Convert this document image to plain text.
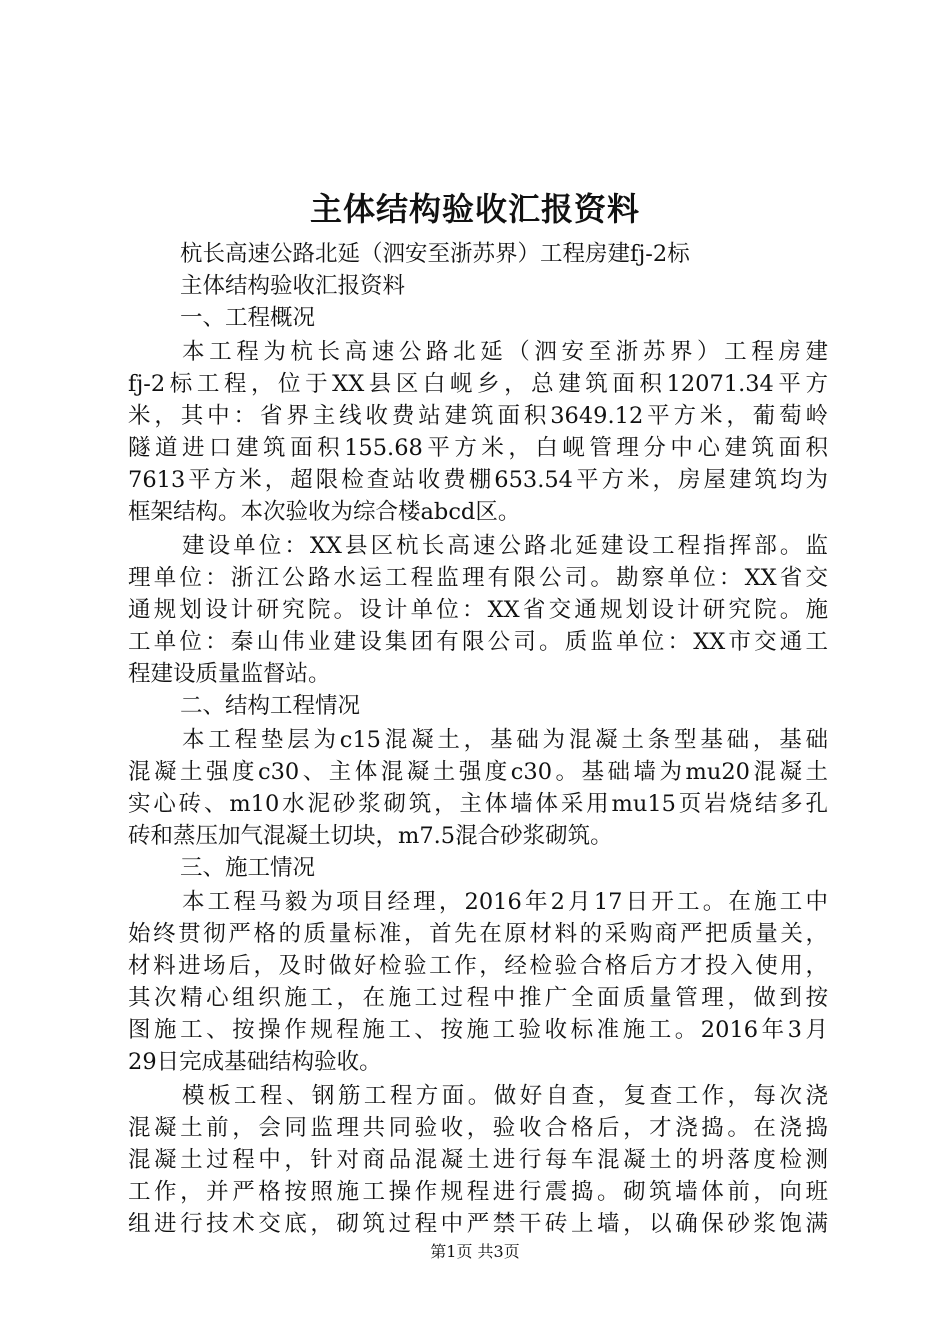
主体结构验收汇报资料
杭长高速公路北延（泗安至浙苏界）工程房建fj-2标
主体结构验收汇报资料
一、工程概况
本工程为杭长高速公路北延（泗安至浙苏界）工程房建
fj-2标工程，位于XX县区白岘乡，总建筑面积12071.34平方
米，其中：省界主线收费站建筑面积3649.12平方米，葡萄岭
隧道进口建筑面积155.68平方米，白岘管理分中心建筑面积
7613平方米，超限检查站收费棚653.54平方米，房屋建筑均为
框架结构。本次验收为综合楼abcd区。
建设单位：XX县区杭长高速公路北延建设工程指挥部。监
理单位：浙江公路水运工程监理有限公司。勘察单位：XX省交
通规划设计研究院。设计单位：XX省交通规划设计研究院。施
工单位：秦山伟业建设集团有限公司。质监单位：XX市交通工
程建设质量监督站。
二、结构工程情况
本工程垫层为c15混凝土，基础为混凝土条型基础，基础
混凝土强度c30、主体混凝土强度c30。基础墙为mu20混凝土
实心砖、m10水泥砂浆砌筑，主体墙体采用mu15页岩烧结多孔
砖和蒸压加气混凝土切块，m7.5混合砂浆砌筑。
三、施工情况
本工程马毅为项目经理，2016年2月17日开工。在施工中
始终贯彻严格的质量标准，首先在原材料的采购商严把质量关，
材料进场后，及时做好检验工作，经检验合格后方才投入使用，
其次精心组织施工，在施工过程中推广全面质量管理，做到按
图施工、按操作规程施工、按施工验收标准施工。2016年3月
29日完成基础结构验收。
模板工程、钢筋工程方面。做好自查，复查工作，每次浇
混凝土前，会同监理共同验收，验收合格后，才浇捣。在浇捣
混凝土过程中，针对商品混凝土进行每车混凝土的坍落度检测
工作，并严格按照施工操作规程进行震捣。砌筑墙体前，向班
组进行技术交底，砌筑过程中严禁干砖上墙，以确保砂浆饱满
第1页 共3页
